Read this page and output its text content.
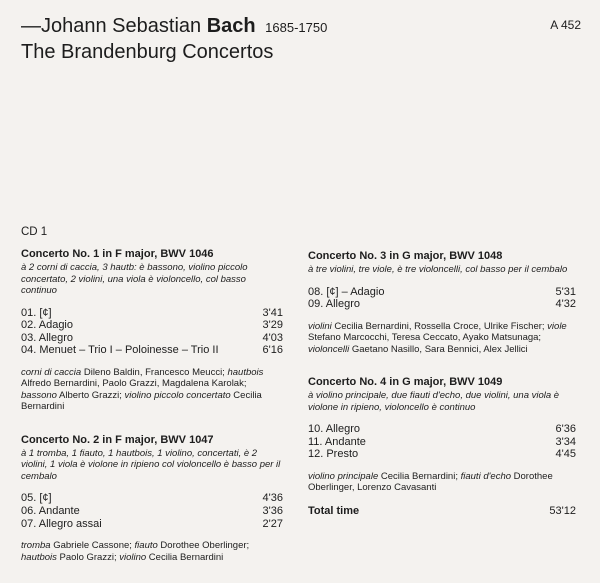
—Johann Sebastian Bach 1685-1750
The Brandenburg Concertos
A 452
CD 1
Concerto No. 1 in F major, BWV 1046
à 2 corni di caccia, 3 hautb: è bassono, violino piccolo concertato, 2 violini, una viola è violoncello, col basso continuo
01. [¢]	3'41
02. Adagio	3'29
03. Allegro	4'03
04. Menuet – Trio I – Poloinesse – Trio II	6'16
corni di caccia Dileno Baldin, Francesco Meucci; hautbois Alfredo Bernardini, Paolo Grazzi, Magdalena Karolak; bassono Alberto Grazzi; violino piccolo concertato Cecilia Bernardini
Concerto No. 2 in F major, BWV 1047
à 1 tromba, 1 fiauto, 1 hautbois, 1 violino, concertati, è 2 violini, 1 viola è violone in ripieno col violoncello è basso per il cembalo
05. [¢]	4'36
06. Andante	3'36
07. Allegro assai	2'27
tromba Gabriele Cassone; fiauto Dorothee Oberlinger; hautbois Paolo Grazzi; violino Cecilia Bernardini
Concerto No. 3 in G major, BWV 1048
à tre violini, tre viole, è tre violoncelli, col basso per il cembalo
08. [¢] – Adagio	5'31
09. Allegro	4'32
violini Cecilia Bernardini, Rossella Croce, Ulrike Fischer; viole Stefano Marcocchi, Teresa Ceccato, Ayako Matsunaga; violoncelli Gaetano Nasillo, Sara Bennici, Alex Jellici
Concerto No. 4 in G major, BWV 1049
à violino principale, due fiauti d'echo, due violini, una viola è violone in ripieno, violoncello è continuo
10. Allegro	6'36
11. Andante	3'34
12. Presto	4'45
violino principale Cecilia Bernardini; fiauti d'echo Dorothee Oberlinger, Lorenzo Cavasanti
Total time	53'12
